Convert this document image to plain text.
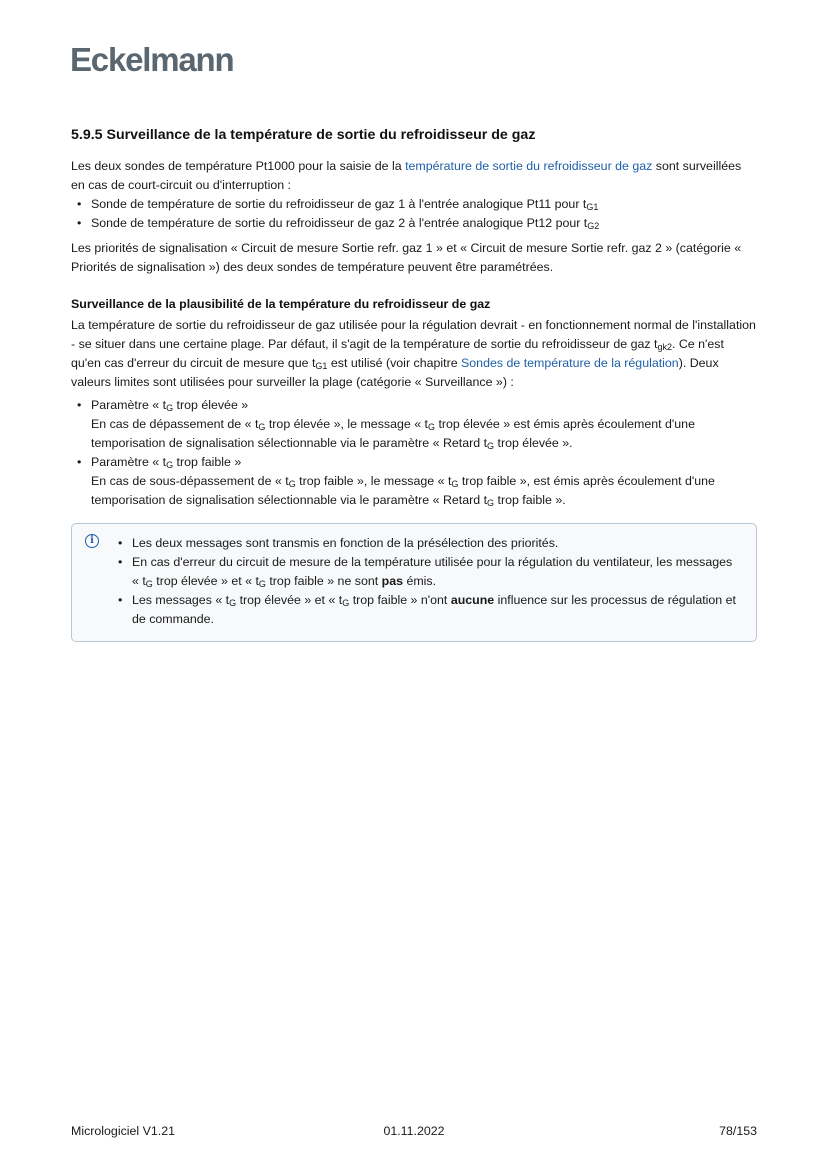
Eckelmann
5.9.5 Surveillance de la température de sortie du refroidisseur de gaz

Les deux sondes de température Pt1000 pour la saisie de la température de sortie du refroidisseur de gaz sont surveillées en cas de court-circuit ou d'interruption :

• Sonde de température de sortie du refroidisseur de gaz 1 à l'entrée analogique Pt11 pour $t_{G1}$
• Sonde de température de sortie du refroidisseur de gaz 2 à l'entrée analogique Pt12 pour $t_{G2}$

Les priorités de signalisation « Circuit de mesure Sortie refr. gaz 1 » et « Circuit de mesure Sortie refr. gaz 2 » (catégorie « Priorités de signalisation ») des deux sondes de température peuvent être paramétrées.

Surveillance de la plausibilité de la température du refroidisseur de gaz

La température de sortie du refroidisseur de gaz utilisée pour la régulation devrait - en fonctionnement normal de l'installation - se situer dans une certaine plage. Par défaut, il s'agit de la température de sortie du refroidisseur de gaz $t_{gk2}$. Ce n'est qu'en cas d'erreur du circuit de mesure que $t_{G1}$ est utilisé (voir chapitre Sondes de température de la régulation). Deux valeurs limites sont utilisées pour surveiller la plage (catégorie « Surveillance ») :

• Paramètre « $t_G$ trop élevée »
En cas de dépassement de « $t_G$ trop élevée », le message « $t_G$ trop élevée » est émis après écoulement d'une temporisation de signalisation sélectionnable via le paramètre « Retard $t_G$ trop élevée ».
• Paramètre « $t_G$ trop faible »
En cas de sous-dépassement de « $t_G$ trop faible », le message « $t_G$ trop faible », est émis après écoulement d'une temporisation de signalisation sélectionnable via le paramètre « Retard $t_G$ trop faible ».
i	• Les deux messages sont transmis en fonction de la présélection des priorités.
• En cas d'erreur du circuit de mesure de la température utilisée pour la régulation du ventilateur, les messages « $t_G$ trop élevée » et « $t_G$ trop faible » ne sont pas émis.
• Les messages « $t_G$ trop élevée » et « $t_G$ trop faible » n'ont aucune influence sur les processus de régulation et de commande.
Micrologiciel V1.21	01.11.2022	78/153
